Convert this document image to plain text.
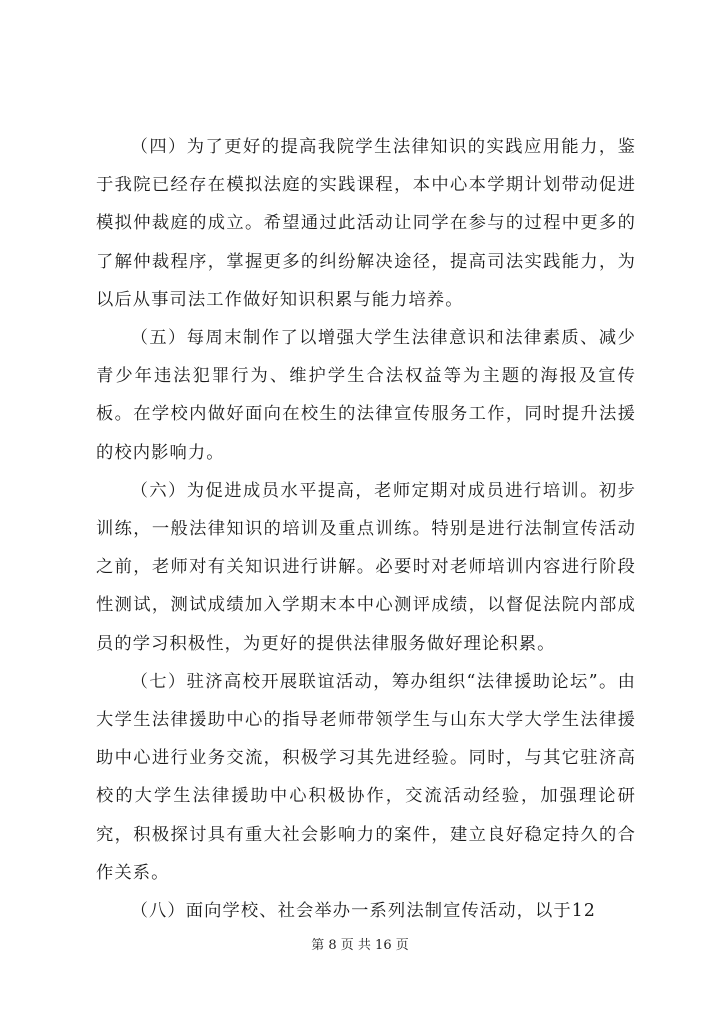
（四）为了更好的提高我院学生法律知识的实践应用能力，鉴于我院已经存在模拟法庭的实践课程，本中心本学期计划带动促进模拟仲裁庭的成立。希望通过此活动让同学在参与的过程中更多的了解仲裁程序，掌握更多的纠纷解决途径，提高司法实践能力，为以后从事司法工作做好知识积累与能力培养。

（五）每周末制作了以增强大学生法律意识和法律素质、减少青少年违法犯罪行为、维护学生合法权益等为主题的海报及宣传板。在学校内做好面向在校生的法律宣传服务工作，同时提升法援的校内影响力。

（六）为促进成员水平提高，老师定期对成员进行培训。初步训练，一般法律知识的培训及重点训练。特别是进行法制宣传活动之前，老师对有关知识进行讲解。必要时对老师培训内容进行阶段性测试，测试成绩加入学期末本中心测评成绩，以督促法院内部成员的学习积极性，为更好的提供法律服务做好理论积累。

（七）驻济高校开展联谊活动，筹办组织“法律援助论坛”。由大学生法律援助中心的指导老师带领学生与山东大学大学生法律援助中心进行业务交流，积极学习其先进经验。同时，与其它驻济高校的大学生法律援助中心积极协作，交流活动经验，加强理论研究，积极探讨具有重大社会影响力的案件，建立良好稳定持久的合作关系。

（八）面向学校、社会举办一系列法制宣传活动，以于12

第 8 页 共 16 页
